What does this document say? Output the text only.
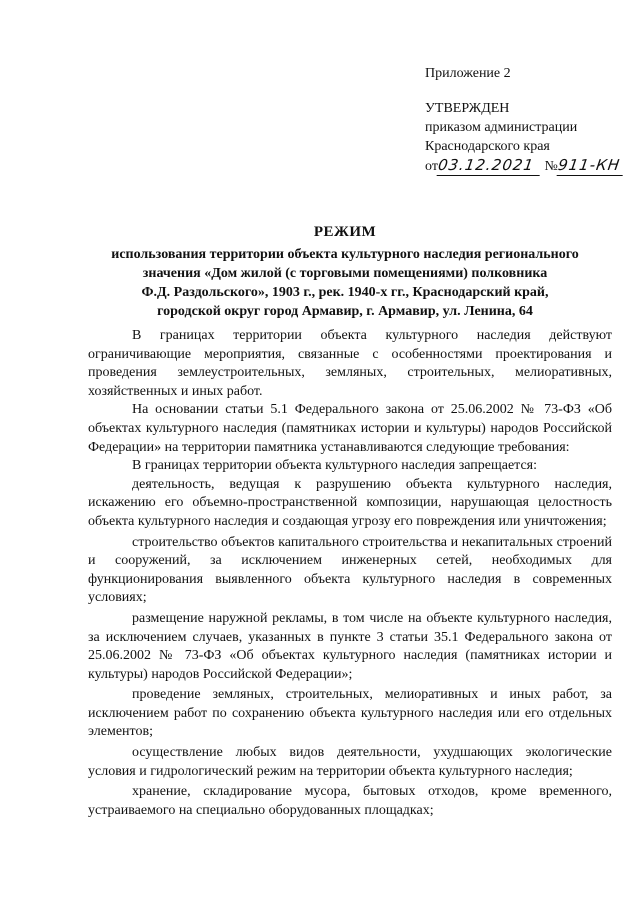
Приложение 2
УТВЕРЖДЕН
приказом администрации
Краснодарского края
от03.12.2021 №911-КН
РЕЖИМ
использования территории объекта культурного наследия регионального
значения «Дом жилой (с торговыми помещениями) полковника
Ф.Д. Раздольского», 1903 г., рек. 1940-х гг., Краснодарский край,
городской округ город Армавир, г. Армавир, ул. Ленина, 64

В границах территории объекта культурного наследия действуют ограничивающие мероприятия, связанные с особенностями проектирования и проведения землеустроительных, земляных, строительных, мелиоративных, хозяйственных и иных работ.

На основании статьи 5.1 Федерального закона от 25.06.2002 № 73-ФЗ «Об объектах культурного наследия (памятниках истории и культуры) народов Российской Федерации» на территории памятника устанавливаются следующие требования:

В границах территории объекта культурного наследия запрещается:

деятельность, ведущая к разрушению объекта культурного наследия, искажению его объемно-пространственной композиции, нарушающая целостность объекта культурного наследия и создающая угрозу его повреждения или уничтожения;

строительство объектов капитального строительства и некапитальных строений и сооружений, за исключением инженерных сетей, необходимых для функционирования выявленного объекта культурного наследия в современных условиях;

размещение наружной рекламы, в том числе на объекте культурного наследия, за исключением случаев, указанных в пункте 3 статьи 35.1 Федерального закона от 25.06.2002 № 73-ФЗ «Об объектах культурного наследия (памятниках истории и культуры) народов Российской Федерации»;

проведение земляных, строительных, мелиоративных и иных работ, за исключением работ по сохранению объекта культурного наследия или его отдельных элементов;

осуществление любых видов деятельности, ухудшающих экологические условия и гидрологический режим на территории объекта культурного наследия;

хранение, складирование мусора, бытовых отходов, кроме временного, устраиваемого на специально оборудованных площадках;
